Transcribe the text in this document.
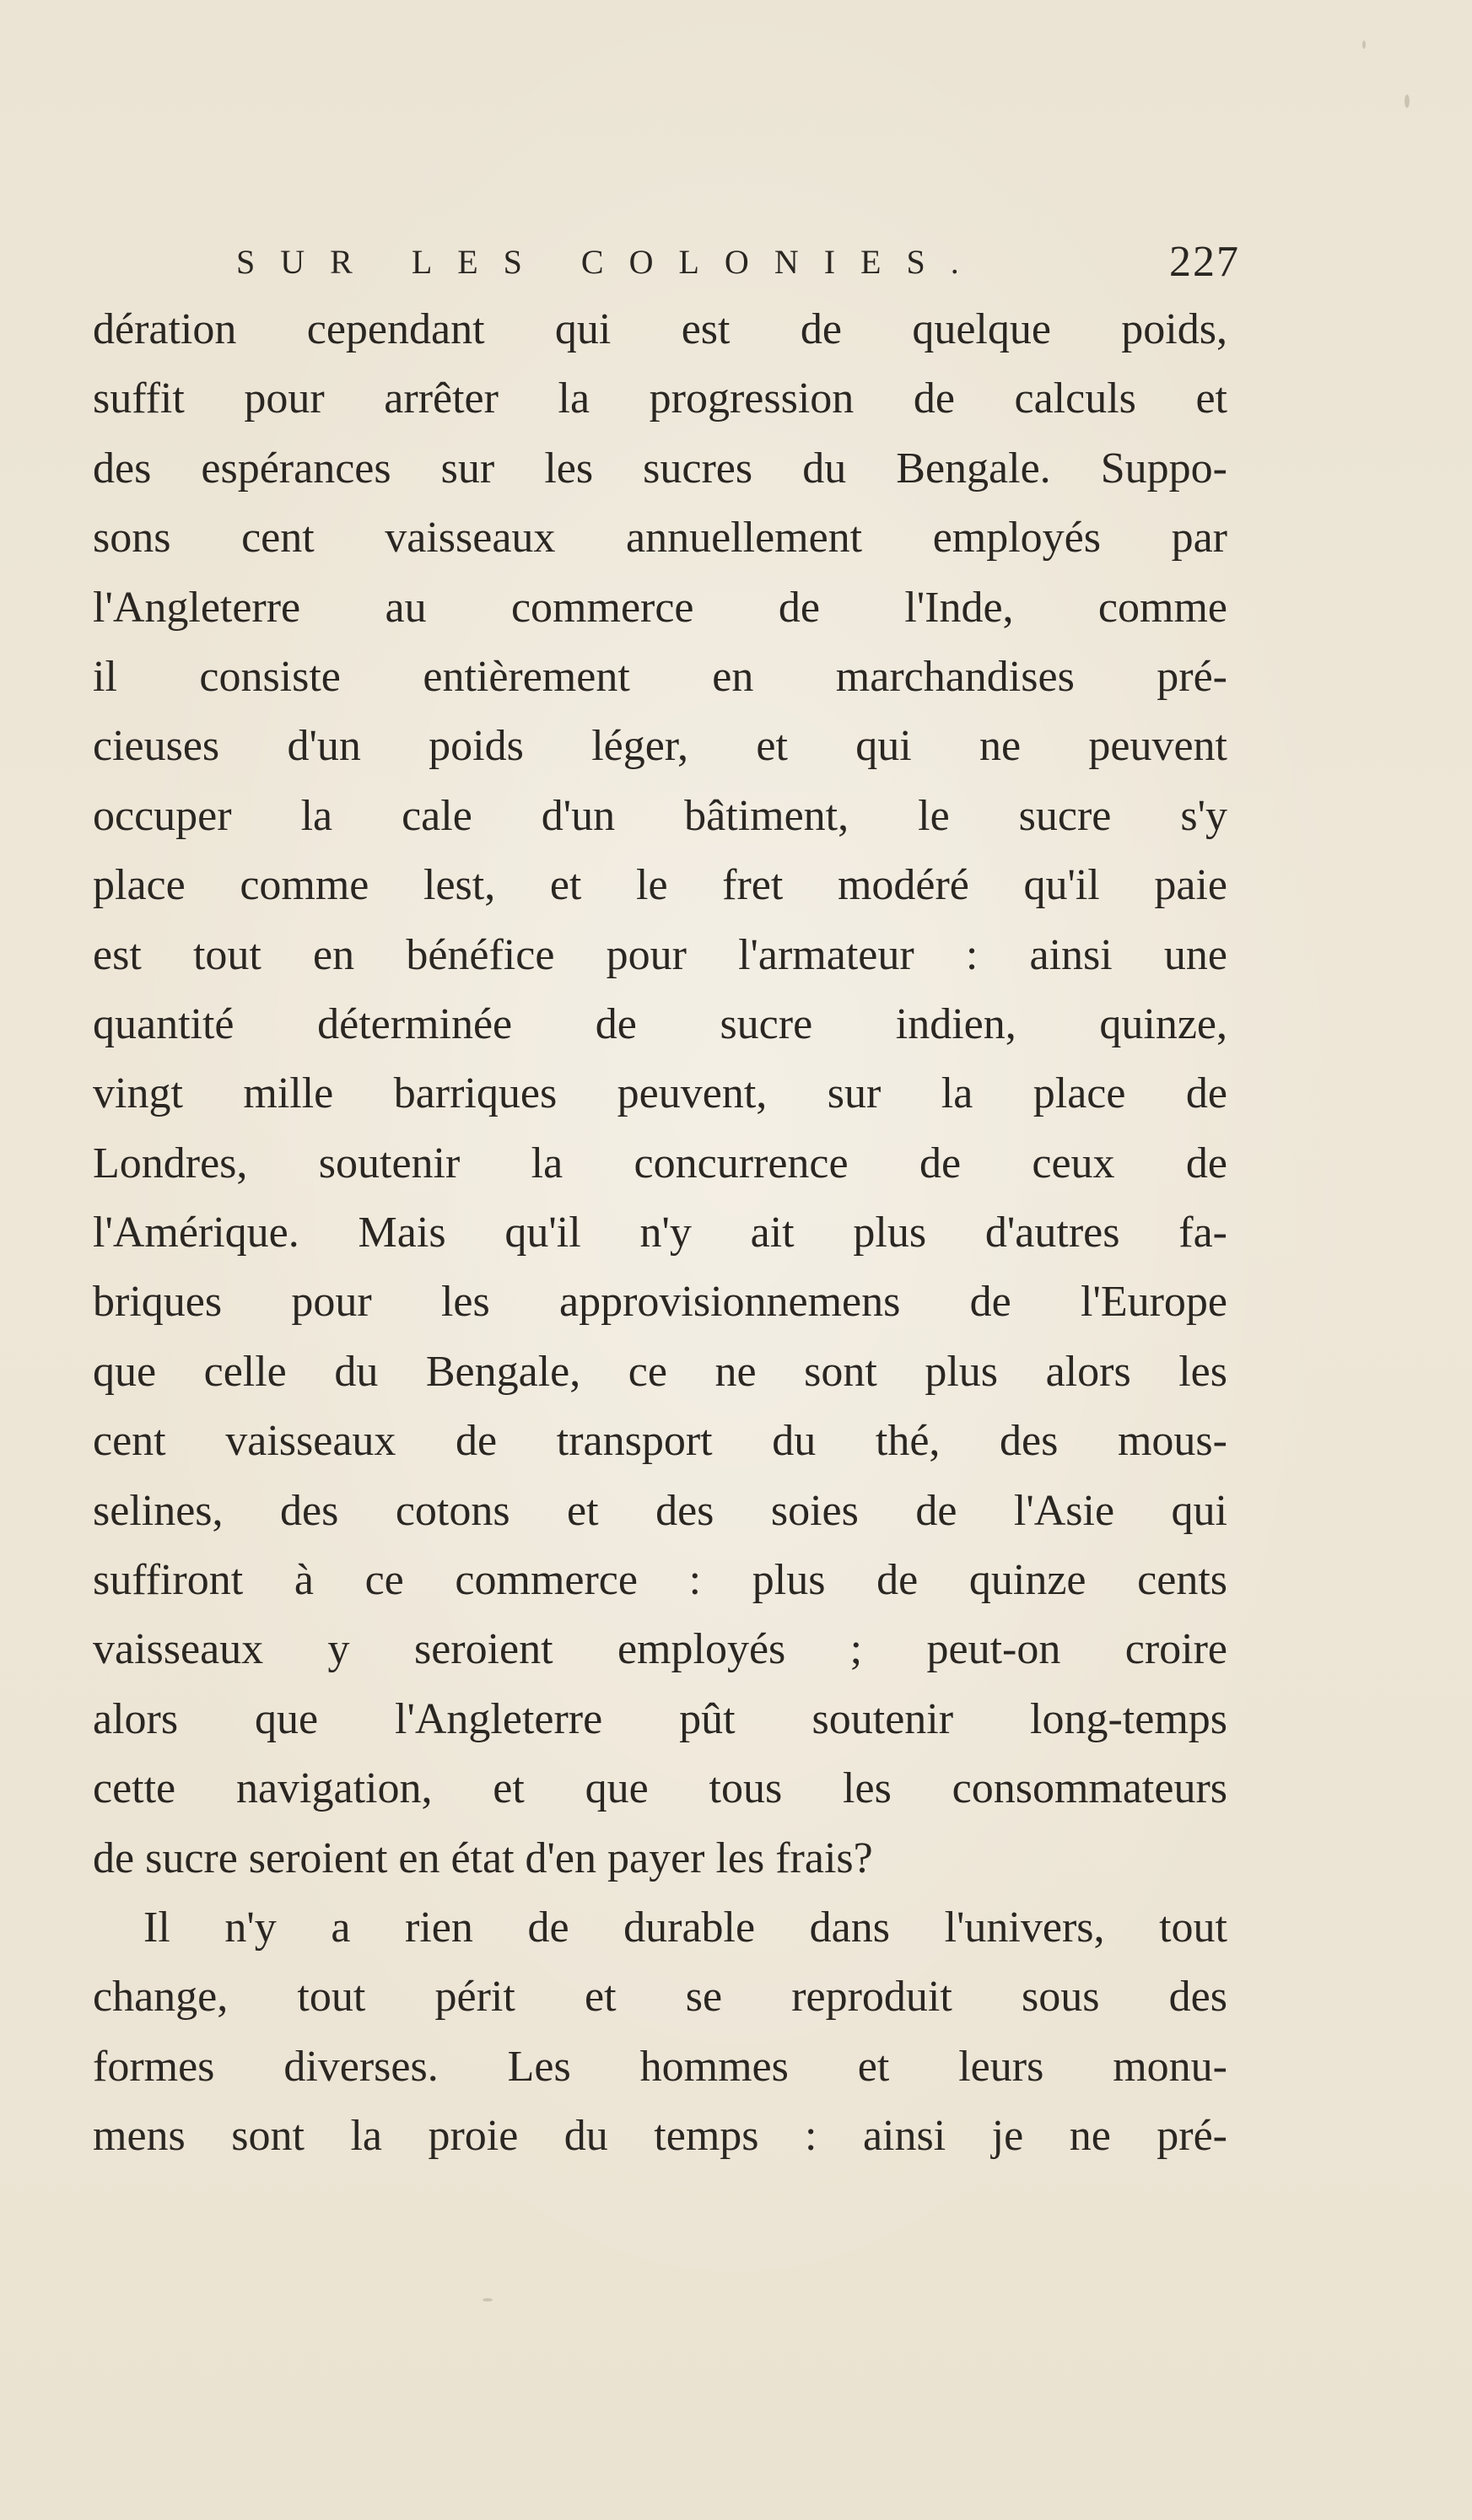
SUR LES COLONIES.	227
dération cependant qui est de quelque poids,
suffit pour arrêter la progression de calculs et
des espérances sur les sucres du Bengale. Suppo-
sons cent vaisseaux annuellement employés par
l'Angleterre au commerce de l'Inde, comme
il consiste entièrement en marchandises pré-
cieuses d'un poids léger, et qui ne peuvent
occuper la cale d'un bâtiment, le sucre s'y
place comme lest, et le fret modéré qu'il paie
est tout en bénéfice pour l'armateur : ainsi une
quantité déterminée de sucre indien, quinze,
vingt mille barriques peuvent, sur la place de
Londres, soutenir la concurrence de ceux de
l'Amérique. Mais qu'il n'y ait plus d'autres fa-
briques pour les approvisionnemens de l'Europe
que celle du Bengale, ce ne sont plus alors les
cent vaisseaux de transport du thé, des mous-
selines, des cotons et des soies de l'Asie qui
suffiront à ce commerce : plus de quinze cents
vaisseaux y seroient employés ; peut-on croire
alors que l'Angleterre pût soutenir long-temps
cette navigation, et que tous les consommateurs
de sucre seroient en état d'en payer les frais?
Il n'y a rien de durable dans l'univers, tout
change, tout périt et se reproduit sous des
formes diverses. Les hommes et leurs monu-
mens sont la proie du temps : ainsi je ne pré-
